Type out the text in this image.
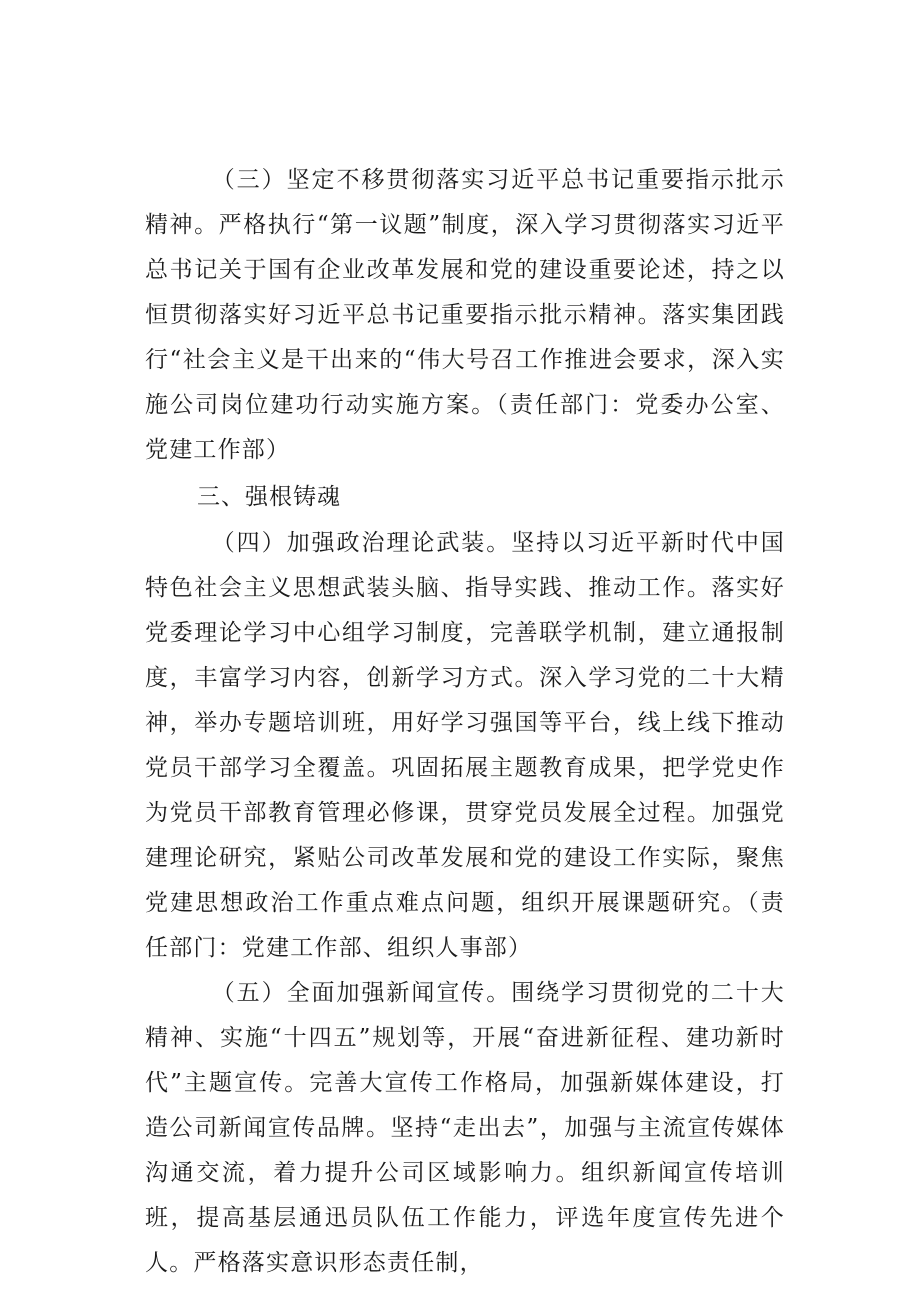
（三）坚定不移贯彻落实习近平总书记重要指示批示精神。严格执行“第一议题”制度，深入学习贯彻落实习近平总书记关于国有企业改革发展和党的建设重要论述，持之以恒贯彻落实好习近平总书记重要指示批示精神。落实集团践行“社会主义是干出来的“伟大号召工作推进会要求，深入实施公司岗位建功行动实施方案。（责任部门：党委办公室、党建工作部）

三、强根铸魂

（四）加强政治理论武装。坚持以习近平新时代中国特色社会主义思想武装头脑、指导实践、推动工作。落实好党委理论学习中心组学习制度，完善联学机制，建立通报制度，丰富学习内容，创新学习方式。深入学习党的二十大精神，举办专题培训班，用好学习强国等平台，线上线下推动党员干部学习全覆盖。巩固拓展主题教育成果，把学党史作为党员干部教育管理必修课，贯穿党员发展全过程。加强党建理论研究，紧贴公司改革发展和党的建设工作实际，聚焦党建思想政治工作重点难点问题，组织开展课题研究。（责任部门：党建工作部、组织人事部）

（五）全面加强新闻宣传。围绕学习贯彻党的二十大精神、实施“十四五”规划等，开展“奋进新征程、建功新时代”主题宣传。完善大宣传工作格局，加强新媒体建设，打造公司新闻宣传品牌。坚持“走出去”，加强与主流宣传媒体沟通交流，着力提升公司区域影响力。组织新闻宣传培训班，提高基层通迅员队伍工作能力，评选年度宣传先进个人。严格落实意识形态责任制，
